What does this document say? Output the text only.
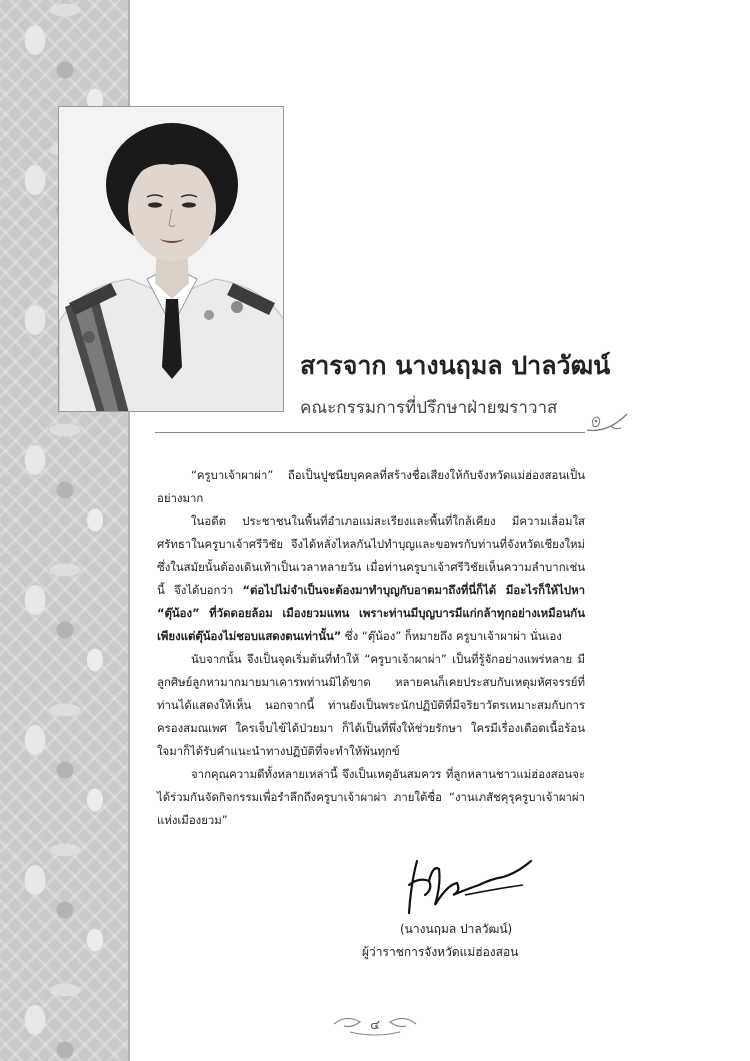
สารจาก นางนฤมล ปาลวัฒน์
คณะกรรมการที่ปรึกษาฝ่ายฆราวาส

“ครูบาเจ้าผาผ่า” ถือเป็นปูชนียบุคคลที่สร้างชื่อเสียงให้กับจังหวัดแม่ฮ่องสอนเป็นอย่างมาก

ในอดีต ประชาชนในพื้นที่อำเภอแม่สะเรียงและพื้นที่ใกล้เคียง มีความเลื่อมใสศรัทธาในครูบาเจ้าศรีวิชัย จึงได้หลั่งไหลกันไปทำบุญและขอพรกับท่านที่จังหวัดเชียงใหม่ ซึ่งในสมัยนั้นต้องเดินเท้าเป็นเวลาหลายวัน เมื่อท่านครูบาเจ้าศรีวิชัยเห็นความลำบากเช่นนี้ จึงได้บอกว่า “ต่อไปไม่จำเป็นจะต้องมาทำบุญกับอาตมาถึงที่นี่ก็ได้ มีอะไรก็ให้ไปหา “ตุ๊น้อง” ที่วัดดอยล้อม เมืองยวมแทน เพราะท่านมีบุญบารมีแก่กล้าทุกอย่างเหมือนกัน เพียงแต่ตุ๊น้องไม่ชอบแสดงตนเท่านั้น” ซึ่ง “ตุ๊น้อง” ก็หมายถึง ครูบาเจ้าผาผ่า นั่นเอง

นับจากนั้น จึงเป็นจุดเริ่มต้นที่ทำให้ “ครูบาเจ้าผาผ่า” เป็นที่รู้จักอย่างแพร่หลาย มีลูกศิษย์ลูกหามากมายมาเคารพท่านมิได้ขาด หลายคนก็เคยประสบกับเหตุมหัศจรรย์ที่ท่านได้แสดงให้เห็น นอกจากนี้ ท่านยังเป็นพระนักปฏิบัติที่มีจริยาวัตรเหมาะสมกับการครองสมณเพศ ใครเจ็บไข้ได้ป่วยมา ก็ได้เป็นที่พึ่งให้ช่วยรักษา ใครมีเรื่องเดือดเนื้อร้อนใจมาก็ได้รับคำแนะนำทางปฏิบัติที่จะทำให้พ้นทุกข์

จากคุณความดีทั้งหลายเหล่านี้ จึงเป็นเหตุอันสมควร ที่ลูกหลานชาวแม่ฮ่องสอนจะได้ร่วมกันจัดกิจกรรมเพื่อรำลึกถึงครูบาเจ้าผาผ่า ภายใต้ชื่อ “งานเภสัชคุรุครูบาเจ้าผาผ่าแห่งเมืองยวม”

(นางนฤมล ปาลวัฒน์)
ผู้ว่าราชการจังหวัดแม่ฮ่องสอน
๔
